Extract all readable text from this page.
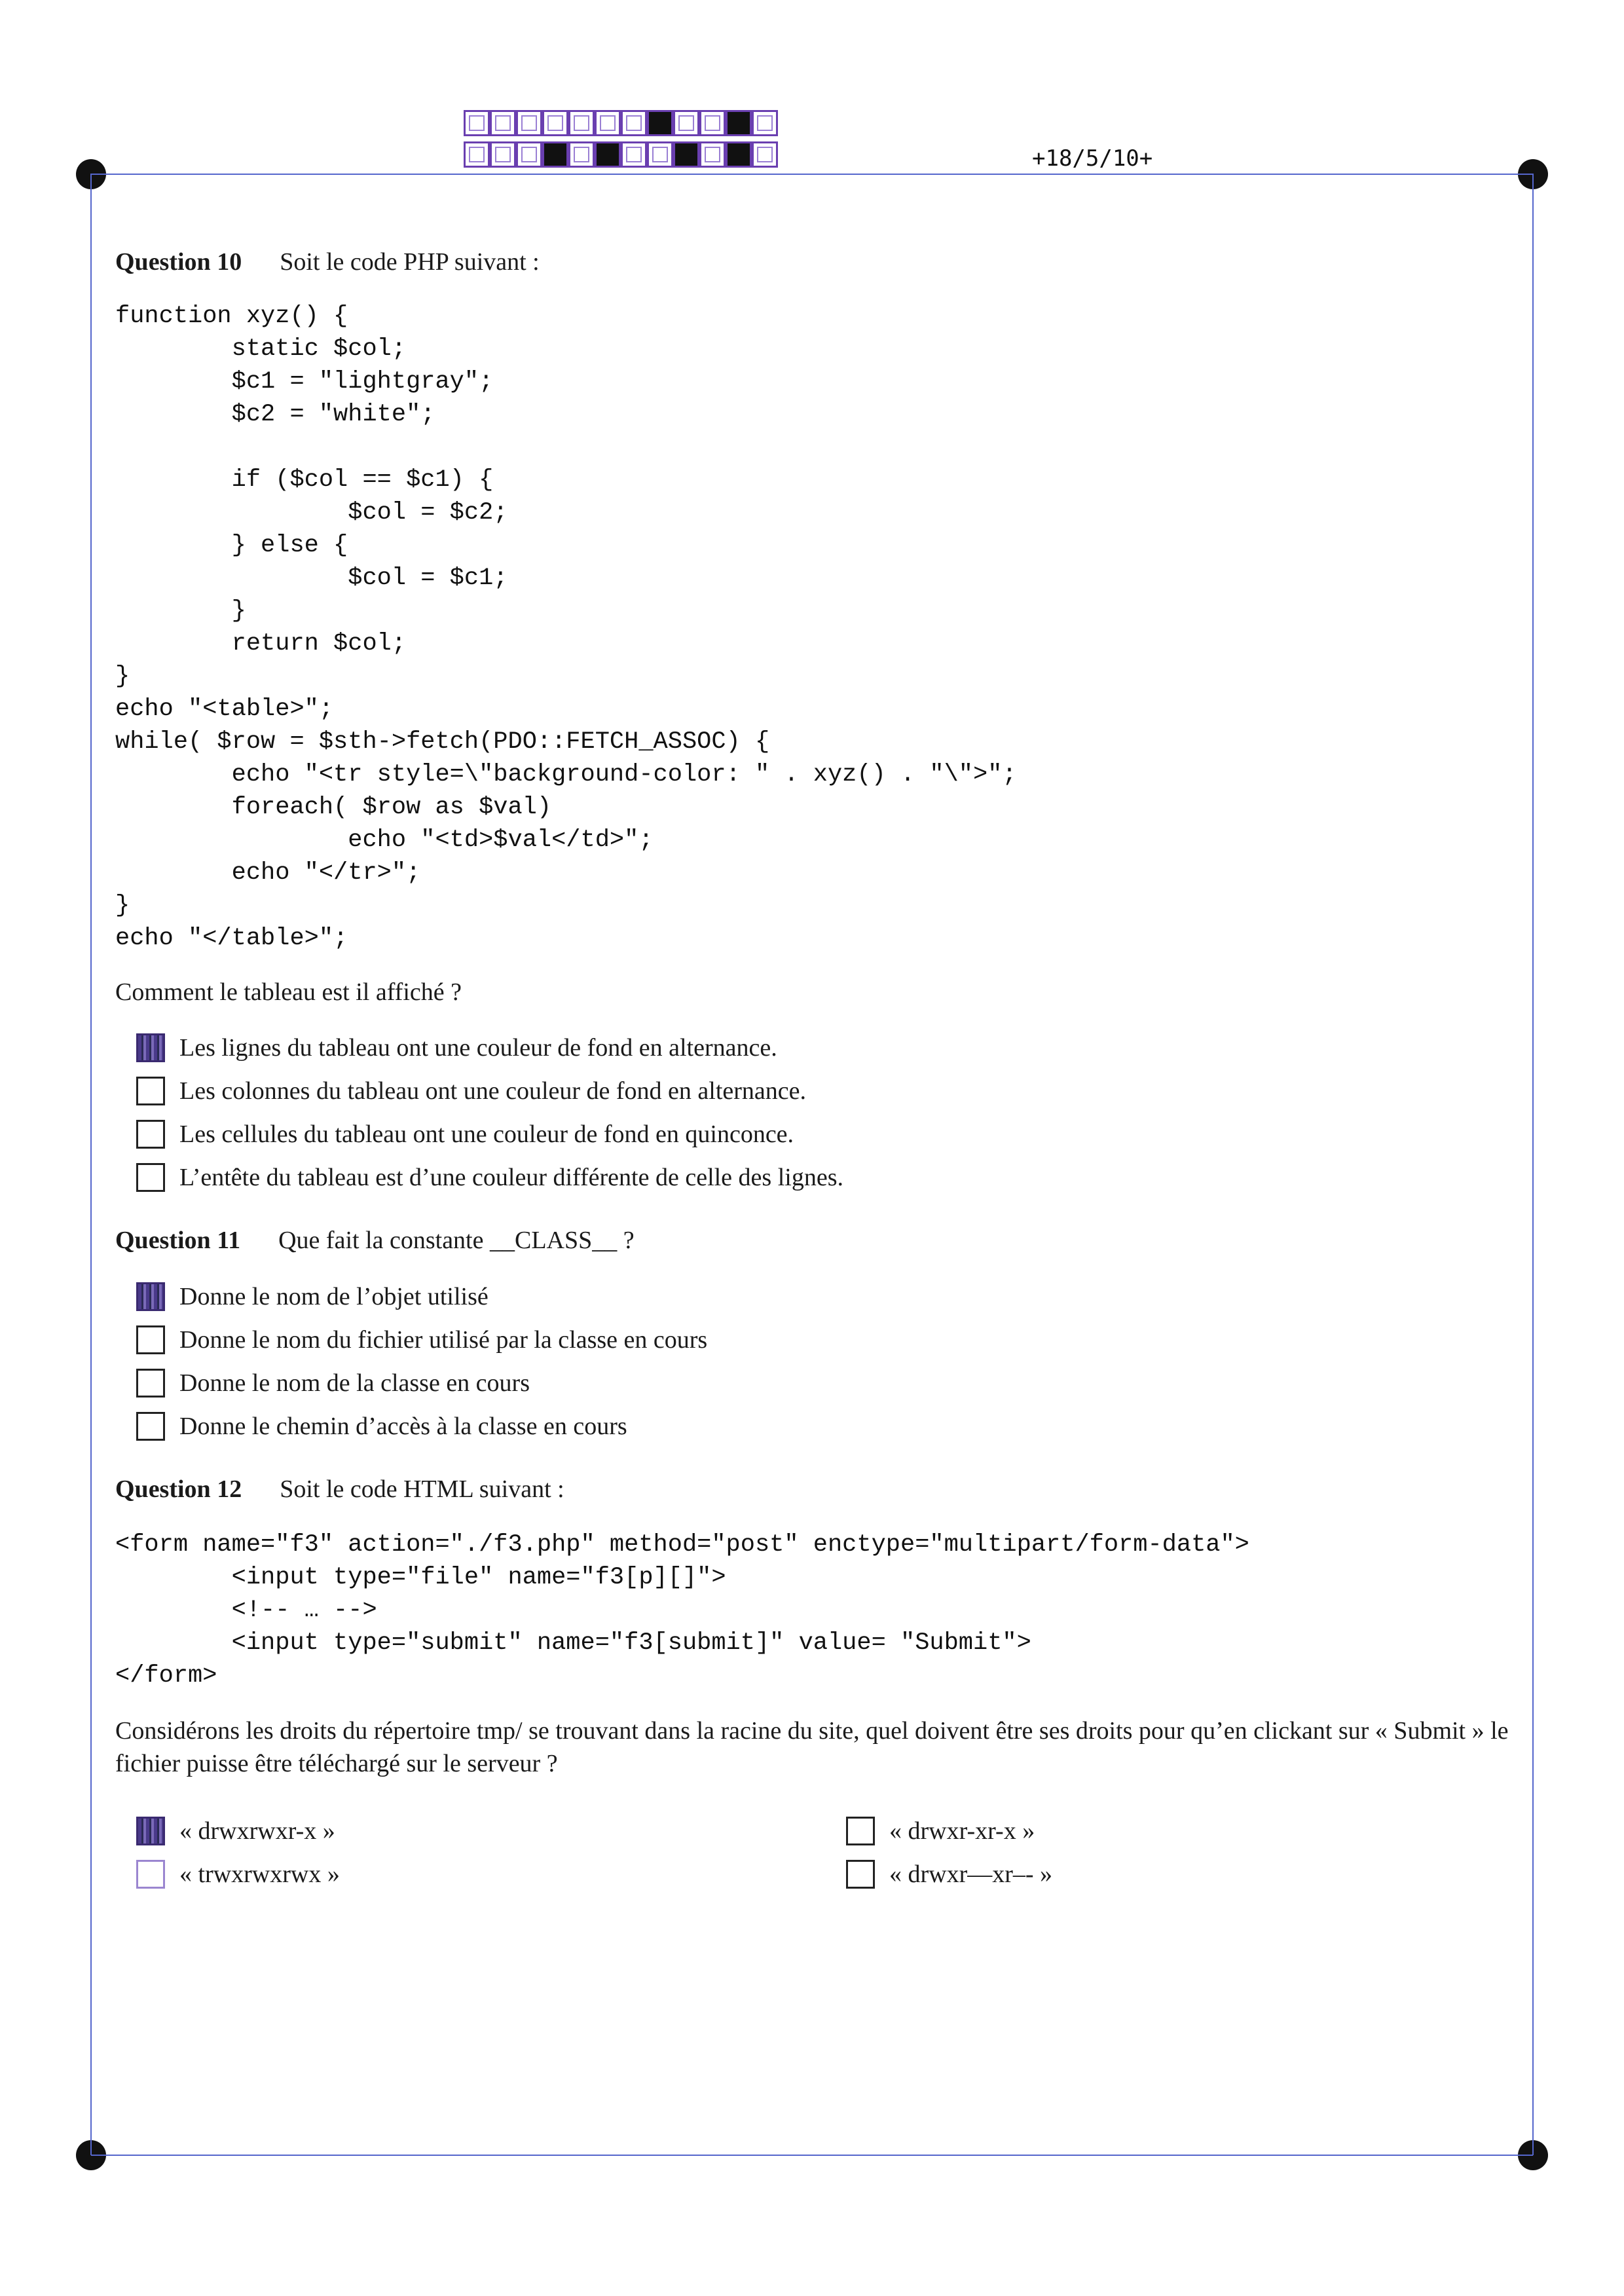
+18/5/10+
Question 10 Soit le code PHP suivant :
function xyz() {
static $col;
$c1 = "lightgray";
$c2 = "white";

if ($col == $c1) {
$col = $c2;
} else {
$col = $c1;
}
return $col;
}
echo "<table>";
while( $row = $sth->fetch(PDO::FETCH_ASSOC) {
echo "<tr style=\"background-color: " . xyz() . "\">";
foreach( $row as $val)
echo "<td>$val</td>";
echo "</tr>";
}
echo "</table>";
Comment le tableau est il affiché ?
Les lignes du tableau ont une couleur de fond en alternance.
Les colonnes du tableau ont une couleur de fond en alternance.
Les cellules du tableau ont une couleur de fond en quinconce.
L’entête du tableau est d’une couleur différente de celle des lignes.
Question 11 Que fait la constante __CLASS__ ?
Donne le nom de l’objet utilisé
Donne le nom du fichier utilisé par la classe en cours
Donne le nom de la classe en cours
Donne le chemin d’accès à la classe en cours
Question 12 Soit le code HTML suivant :
<form name="f3" action="./f3.php" method="post" enctype="multipart/form-data">
<input type="file" name="f3[p][]">
<!-- … -->
<input type="submit" name="f3[submit]" value= "Submit">
</form>
Considérons les droits du répertoire tmp/ se trouvant dans la racine du site, quel doivent être ses droits pour qu’en clickant sur « Submit » le fichier puisse être téléchargé sur le serveur ?
« drwxrwxr-x »	« drwxr-xr-x »
« trwxrwxrwx »	« drwxr—xr–- »
